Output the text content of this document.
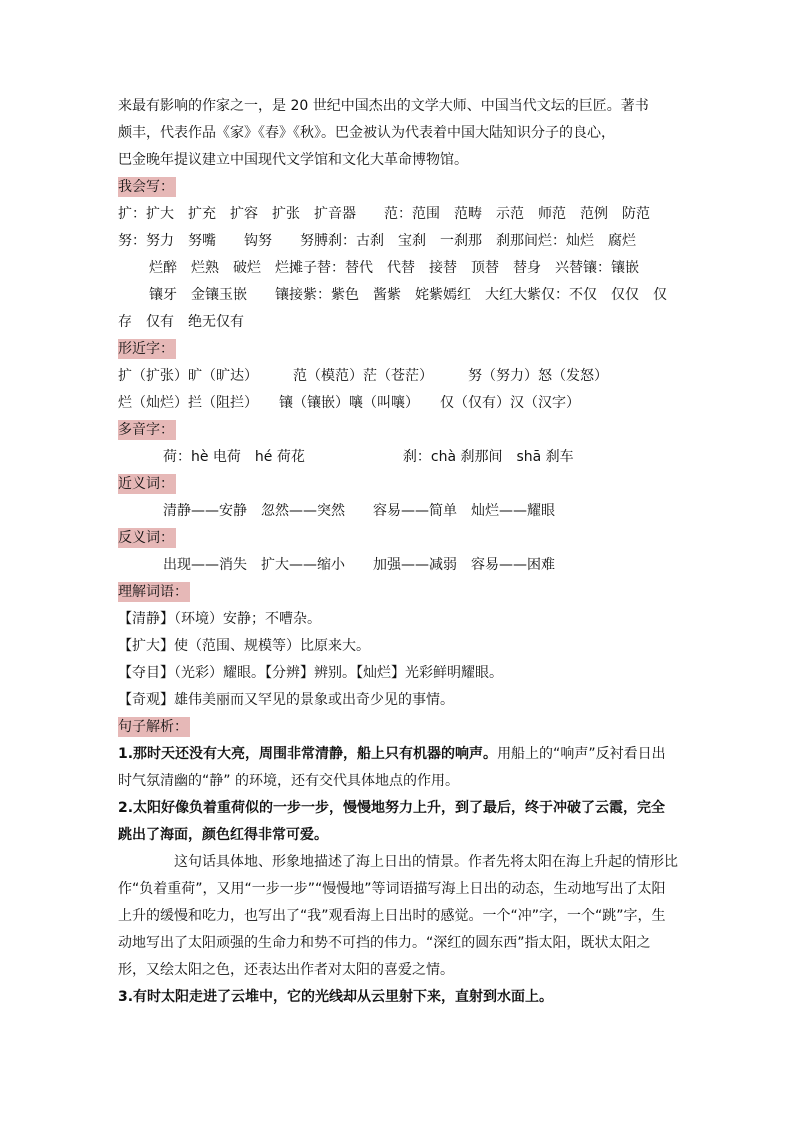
来最有影响的作家之一，是 20 世纪中国杰出的文学大师、中国当代文坛的巨匠。著书
颇丰，代表作品《家》《春》《秋》。巴金被认为代表着中国大陆知识分子的良心，
巴金晚年提议建立中国现代文学馆和文化大革命博物馆。
我会写：
扩：扩大　扩充　扩容　扩张　扩音器　　范：范围　范畴　示范　师范　范例　防范
努：努力　努嘴　　钩努　　努膊刹：古刹　宝刹　一刹那　刹那间烂：灿烂　腐烂
　烂醉　烂熟　破烂　烂摊子替：替代　代替　接替　顶替　替身　兴替镶：镶嵌
　镶牙　金镶玉嵌　　镶接紫：紫色　酱紫　姹紫嫣红　大红大紫仅：不仅　仅仅　仅
存　仅有　绝无仅有
形近字：
扩（扩张）旷（旷达）　　　范（模范）茫（苍茫）　　　努（努力）怒（发怒）
烂（灿烂）拦（阻拦）　　镶（镶嵌）嚷（叫嚷）　　仅（仅有）汉（汉字）
多音字：
荷：hè 电荷　hé 荷花　　　　　　　刹：chà 刹那间　shā 刹车
近义词：
清静——安静　忽然——突然　　容易——简单　灿烂——耀眼
反义词：
出现——消失　扩大——缩小　　加强——减弱　容易——困难
理解词语：
【清静】（环境）安静；不嘈杂。
【扩大】使（范围、规模等）比原来大。
【夺目】（光彩）耀眼。【分辨】辨别。【灿烂】光彩鲜明耀眼。
【奇观】雄伟美丽而又罕见的景象或出奇少见的事情。
句子解析：
1.那时天还没有大亮，周围非常清静，船上只有机器的响声。用船上的“响声”反衬看日出时气氛清幽的“静” 的环境，还有交代具体地点的作用。
2.太阳好像负着重荷似的一步一步，慢慢地努力上升，到了最后，终于冲破了云霞，完全跳出了海面，颜色红得非常可爱。
这句话具体地、形象地描述了海上日出的情景。作者先将太阳在海上升起的情形比作“负着重荷”，又用“一步一步”“慢慢地”等词语描写海上日出的动态，生动地写出了太阳上升的缓慢和吃力，也写出了“我”观看海上日出时的感觉。一个“冲”字，一个“跳”字，生动地写出了太阳顽强的生命力和势不可挡的伟力。“深红的圆东西”指太阳，既状太阳之形，又绘太阳之色，还表达出作者对太阳的喜爱之情。
3.有时太阳走进了云堆中，它的光线却从云里射下来，直射到水面上。
